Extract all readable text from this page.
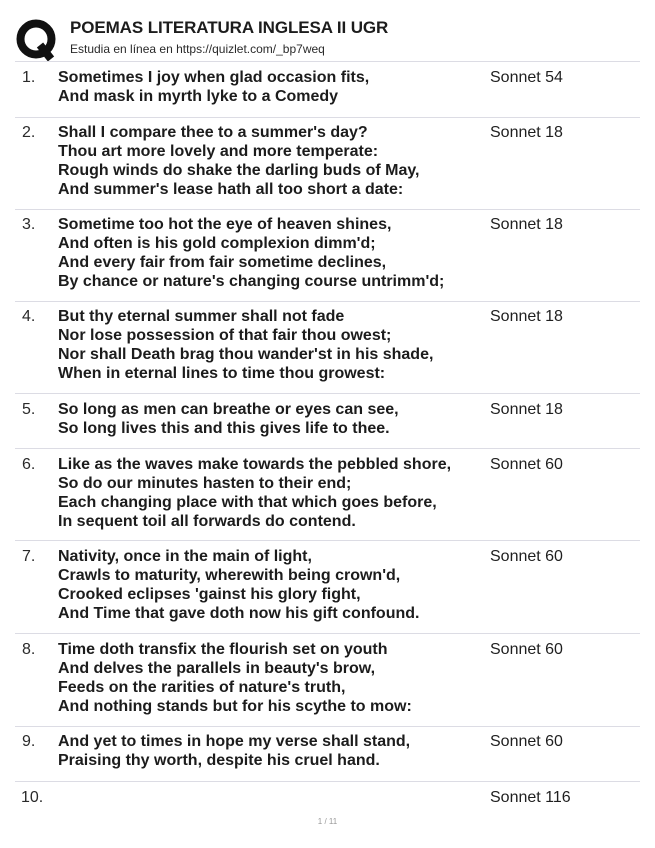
POEMAS LITERATURA INGLESA II UGR
Estudia en línea en https://quizlet.com/_bp7weq
1. Sometimes I joy when glad occasion fits,
And mask in myrth lyke to a Comedy
Sonnet 54
2. Shall I compare thee to a summer's day?
Thou art more lovely and more temperate:
Rough winds do shake the darling buds of May,
And summer's lease hath all too short a date:
Sonnet 18
3. Sometime too hot the eye of heaven shines,
And often is his gold complexion dimm'd;
And every fair from fair sometime declines,
By chance or nature's changing course untrimm'd;
Sonnet 18
4. But thy eternal summer shall not fade
Nor lose possession of that fair thou owest;
Nor shall Death brag thou wander'st in his shade,
When in eternal lines to time thou growest:
Sonnet 18
5. So long as men can breathe or eyes can see,
So long lives this and this gives life to thee.
Sonnet 18
6. Like as the waves make towards the pebbled shore,
So do our minutes hasten to their end;
Each changing place with that which goes before,
In sequent toil all forwards do contend.
Sonnet 60
7. Nativity, once in the main of light,
Crawls to maturity, wherewith being crown'd,
Crooked eclipses 'gainst his glory fight,
And Time that gave doth now his gift confound.
Sonnet 60
8. Time doth transfix the flourish set on youth
And delves the parallels in beauty's brow,
Feeds on the rarities of nature's truth,
And nothing stands but for his scythe to mow:
Sonnet 60
9. And yet to times in hope my verse shall stand,
Praising thy worth, despite his cruel hand.
Sonnet 60
10.	Sonnet 116
1 / 11
